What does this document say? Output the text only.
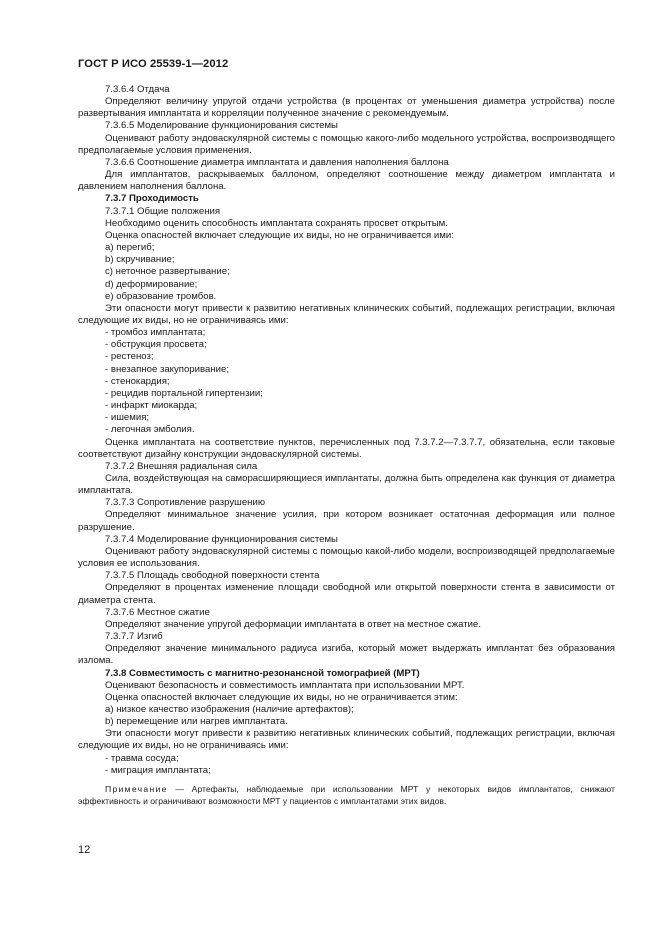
ГОСТ Р ИСО 25539-1—2012

7.3.6.4 Отдача

Определяют величину упругой отдачи устройства (в процентах от уменьшения диаметра устройства) после развертывания имплантата и корреляции полученное значение с рекомендуемым.

7.3.6.5 Моделирование функционирования системы

Оценивают работу эндоваскулярной системы с помощью какого-либо модельного устройства, воспроизводящего предполагаемые условия применения.

7.3.6.6 Соотношение диаметра имплантата и давления наполнения баллона

Для имплантатов, раскрываемых баллоном, определяют соотношение между диаметром имплантата и давлением наполнения баллона.

7.3.7 Проходимость

7.3.7.1 Общие положения

Необходимо оценить способность имплантата сохранять просвет открытым.

Оценка опасностей включает следующие их виды, но не ограничивается ими:

а) перегиб;

b) скручивание;

с) неточное развертывание;

d) деформирование;

е) образование тромбов.

Эти опасности могут привести к развитию негативных клинических событий, подлежащих регистрации, включая следующие их виды, но не ограничиваясь ими:

- тромбоз имплантата;

- обструкция просвета;

- рестеноз;

- внезапное закупоривание;

- стенокардия;

- рецидив портальной гипертензии;

- инфаркт миокарда;

- ишемия;

- легочная эмболия.

Оценка имплантата на соответствие пунктов, перечисленных под 7.3.7.2—7.3.7.7, обязательна, если таковые соответствуют дизайну конструкции эндоваскулярной системы.

7.3.7.2 Внешняя радиальная сила

Сила, воздействующая на саморасширяющиеся имплантаты, должна быть определена как функция от диаметра имплантата.

7.3.7.3 Сопротивление разрушению

Определяют минимальное значение усилия, при котором возникает остаточная деформация или полное разрушение.

7.3.7.4 Моделирование функционирования системы

Оценивают работу эндоваскулярной системы с помощью какой-либо модели, воспроизводящей предполагаемые условия ее использования.

7.3.7.5 Площадь свободной поверхности стента

Определяют в процентах изменение площади свободной или открытой поверхности стента в зависимости от диаметра стента.

7.3.7.6 Местное сжатие

Определяют значение упругой деформации имплантата в ответ на местное сжатие.

7.3.7.7 Изгиб

Определяют значение минимального радиуса изгиба, который может выдержать имплантат без образования излома.

7.3.8 Совместимость с магнитно-резонансной томографией (МРТ)

Оценивают безопасность и совместимость имплантата при использовании МРТ.

Оценка опасностей включает следующие их виды, но не ограничивается этим:

а) низкое качество изображения (наличие артефактов);

b) перемещение или нагрев имплантата.

Эти опасности могут привести к развитию негативных клинических событий, подлежащих регистрации, включая следующие их виды, но не ограничиваясь ими:

- травма сосуда;

- миграция имплантата;

Примечание — Артефакты, наблюдаемые при использовании МРТ у некоторых видов имплантатов, снижают эффективность и ограничивают возможности МРТ у пациентов с имплантатами этих видов.

12
